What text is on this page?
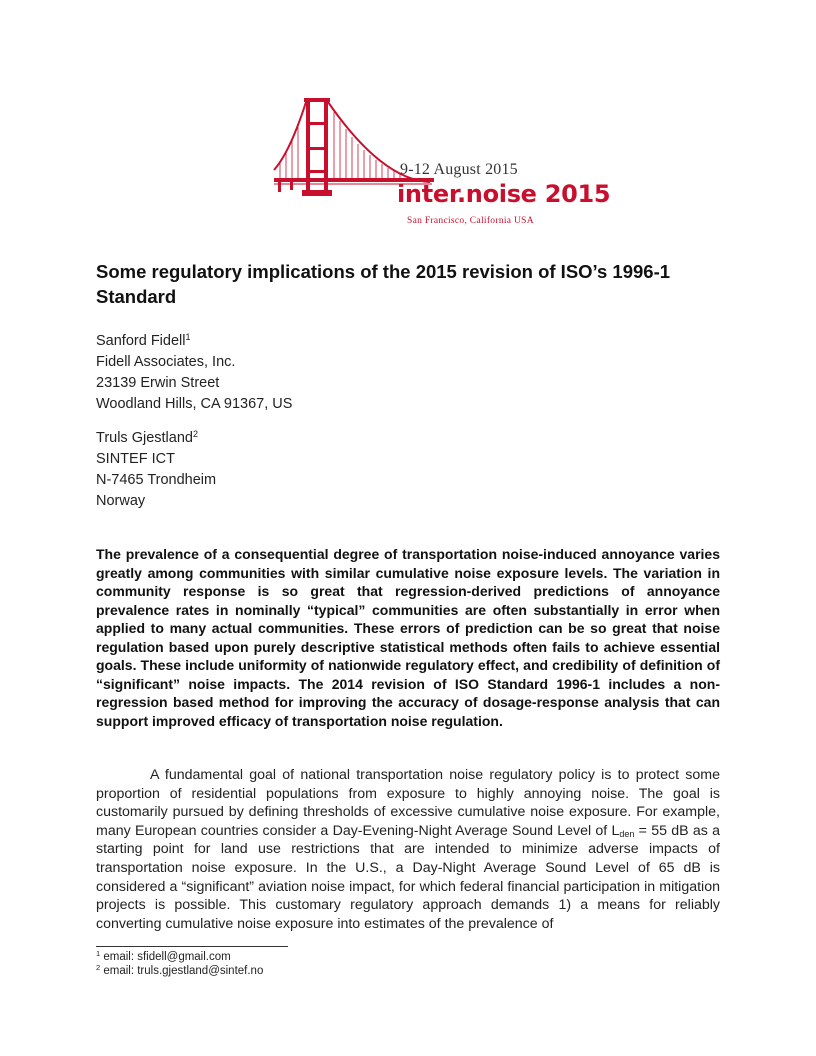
9-12 August 2015
inter.noise 2015
San Francisco, California USA
Some regulatory implications of the 2015 revision of ISO’s 1996-1 Standard
Sanford Fidell$^1$
Fidell Associates, Inc.
23139 Erwin Street
Woodland Hills, CA 91367, US
Truls Gjestland$^2$
SINTEF ICT
N-7465 Trondheim
Norway

The prevalence of a consequential degree of transportation noise-induced annoyance varies greatly among communities with similar cumulative noise exposure levels. The variation in community response is so great that regression-derived predictions of annoyance prevalence rates in nominally “typical” communities are often substantially in error when applied to many actual communities. These errors of prediction can be so great that noise regulation based upon purely descriptive statistical methods often fails to achieve essential goals. These include uniformity of nationwide regulatory effect, and credibility of definition of “significant” noise impacts. The 2014 revision of ISO Standard 1996-1 includes a non-regression based method for improving the accuracy of dosage-response analysis that can support improved efficacy of transportation noise regulation.

A fundamental goal of national transportation noise regulatory policy is to protect some proportion of residential populations from exposure to highly annoying noise. The goal is customarily pursued by defining thresholds of excessive cumulative noise exposure. For example, many European countries consider a Day-Evening-Night Average Sound Level of $L_{den} = 55$ dB as a starting point for land use restrictions that are intended to minimize adverse impacts of transportation noise exposure. In the U.S., a Day-Night Average Sound Level of 65 dB is considered a “significant” aviation noise impact, for which federal financial participation in mitigation projects is possible. This customary regulatory approach demands 1) a means for reliably converting cumulative noise exposure into estimates of the prevalence of

$^1$ email: sfidell@gmail.com
$^2$ email: truls.gjestland@sintef.no
